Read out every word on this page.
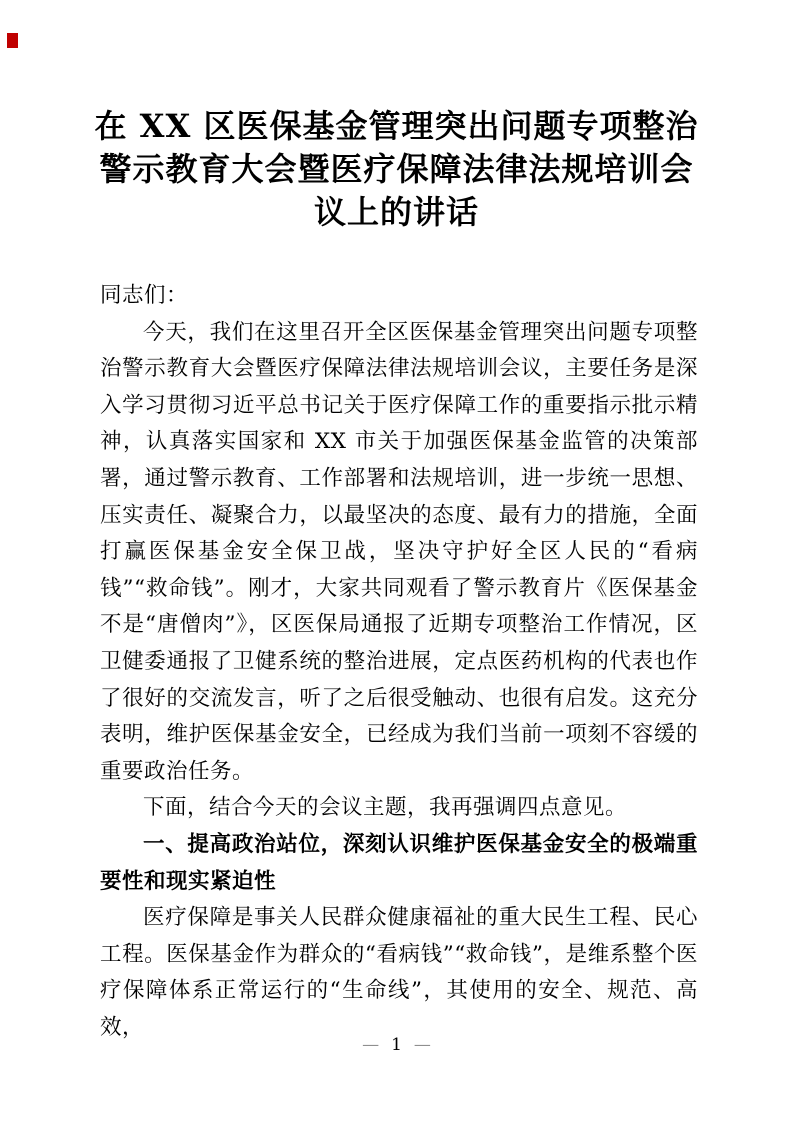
在 XX 区医保基金管理突出问题专项整治警示教育大会暨医疗保障法律法规培训会议上的讲话

同志们：

今天，我们在这里召开全区医保基金管理突出问题专项整治警示教育大会暨医疗保障法律法规培训会议，主要任务是深入学习贯彻习近平总书记关于医疗保障工作的重要指示批示精神，认真落实国家和 XX 市关于加强医保基金监管的决策部署，通过警示教育、工作部署和法规培训，进一步统一思想、压实责任、凝聚合力，以最坚决的态度、最有力的措施，全面打赢医保基金安全保卫战，坚决守护好全区人民的“看病钱”“救命钱”。刚才，大家共同观看了警示教育片《医保基金不是“唐僧肉”》，区医保局通报了近期专项整治工作情况，区卫健委通报了卫健系统的整治进展，定点医药机构的代表也作了很好的交流发言，听了之后很受触动、也很有启发。这充分表明，维护医保基金安全，已经成为我们当前一项刻不容缓的重要政治任务。

下面，结合今天的会议主题，我再强调四点意见。

一、提高政治站位，深刻认识维护医保基金安全的极端重要性和现实紧迫性

医疗保障是事关人民群众健康福祉的重大民生工程、民心工程。医保基金作为群众的“看病钱”“救命钱”，是维系整个医疗保障体系正常运行的“生命线”，其使用的安全、规范、高效，

— 1 —
